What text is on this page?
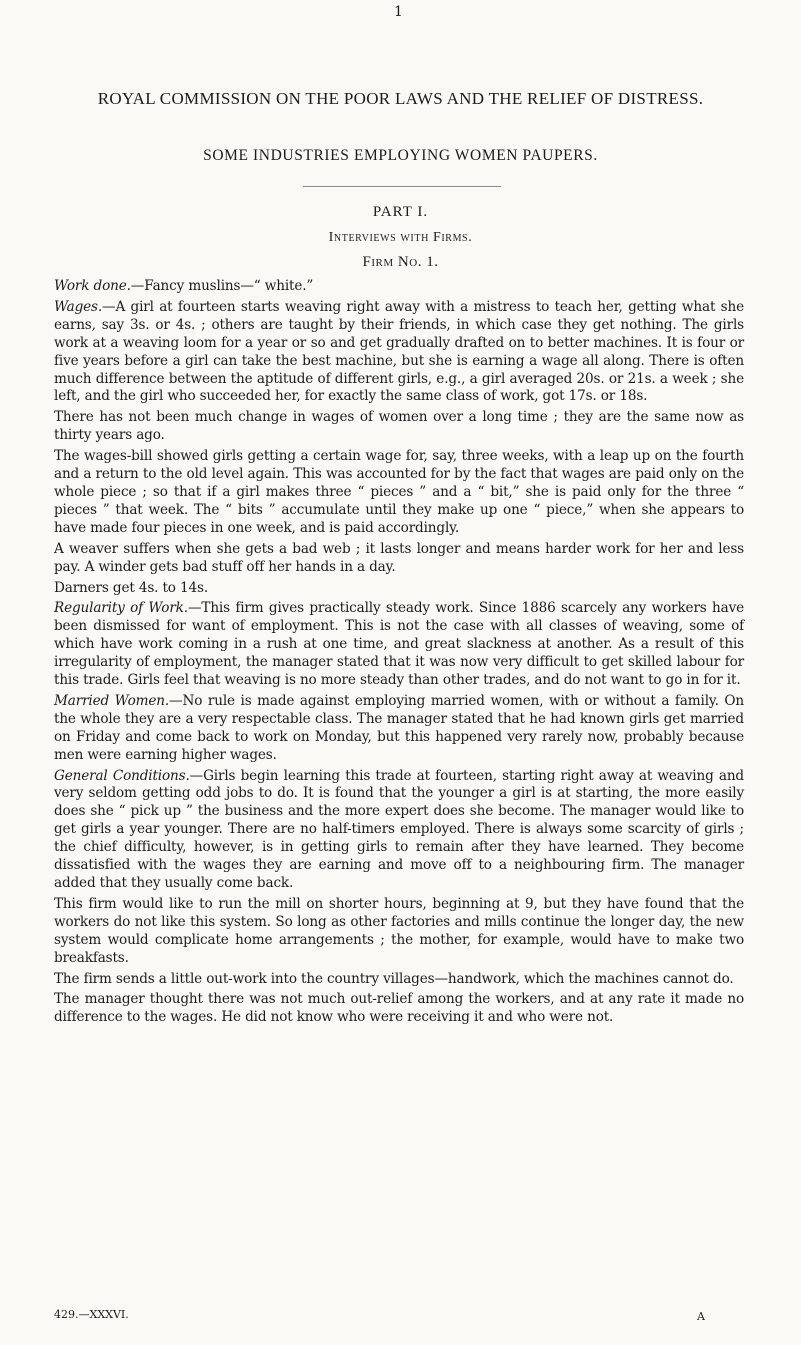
1
ROYAL COMMISSION ON THE POOR LAWS AND THE RELIEF OF DISTRESS.
SOME INDUSTRIES EMPLOYING WOMEN PAUPERS.
PART I.
Interviews with Firms.
Firm No. 1.

Work done.—Fancy muslins—“ white.”

Wages.—A girl at fourteen starts weaving right away with a mistress to teach her, getting what she earns, say 3s. or 4s. ; others are taught by their friends, in which case they get nothing. The girls work at a weaving loom for a year or so and get gradually drafted on to better machines. It is four or five years before a girl can take the best machine, but she is earning a wage all along. There is often much difference between the aptitude of different girls, e.g., a girl averaged 20s. or 21s. a week ; she left, and the girl who succeeded her, for exactly the same class of work, got 17s. or 18s.

There has not been much change in wages of women over a long time ; they are the same now as thirty years ago.

The wages-bill showed girls getting a certain wage for, say, three weeks, with a leap up on the fourth and a return to the old level again. This was accounted for by the fact that wages are paid only on the whole piece ; so that if a girl makes three “ pieces ” and a “ bit,” she is paid only for the three “ pieces ” that week. The “ bits ” accumulate until they make up one “ piece,” when she appears to have made four pieces in one week, and is paid accordingly.

A weaver suffers when she gets a bad web ; it lasts longer and means harder work for her and less pay. A winder gets bad stuff off her hands in a day.

Darners get 4s. to 14s.

Regularity of Work.—This firm gives practically steady work. Since 1886 scarcely any workers have been dismissed for want of employment. This is not the case with all classes of weaving, some of which have work coming in a rush at one time, and great slackness at another. As a result of this irregularity of employment, the manager stated that it was now very difficult to get skilled labour for this trade. Girls feel that weaving is no more steady than other trades, and do not want to go in for it.

Married Women.—No rule is made against employing married women, with or without a family. On the whole they are a very respectable class. The manager stated that he had known girls get married on Friday and come back to work on Monday, but this happened very rarely now, probably because men were earning higher wages.

General Conditions.—Girls begin learning this trade at fourteen, starting right away at weaving and very seldom getting odd jobs to do. It is found that the younger a girl is at starting, the more easily does she “ pick up ” the business and the more expert does she become. The manager would like to get girls a year younger. There are no half-timers employed. There is always some scarcity of girls ; the chief difficulty, however, is in getting girls to remain after they have learned. They become dissatisfied with the wages they are earning and move off to a neighbouring firm. The manager added that they usually come back.

This firm would like to run the mill on shorter hours, beginning at 9, but they have found that the workers do not like this system. So long as other factories and mills continue the longer day, the new system would complicate home arrangements ; the mother, for example, would have to make two breakfasts.

The firm sends a little out-work into the country villages—handwork, which the machines cannot do.

The manager thought there was not much out-relief among the workers, and at any rate it made no difference to the wages. He did not know who were receiving it and who were not.

429.—XXXVI.	A
